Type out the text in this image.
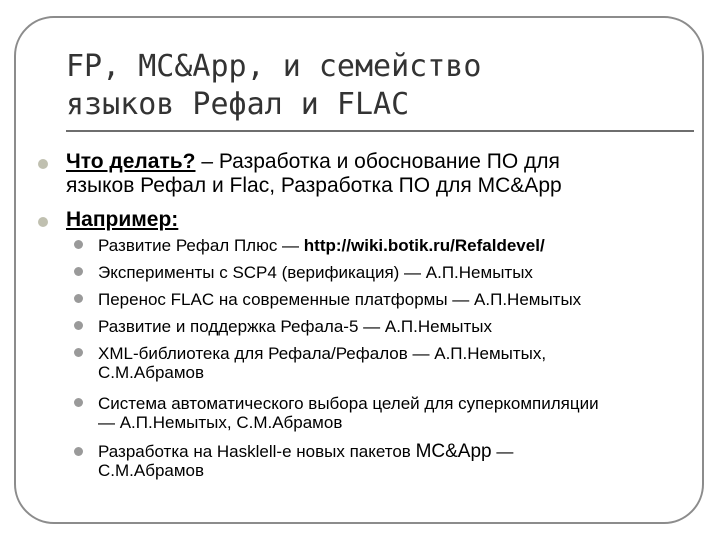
FP, MC&App, и семейство
языков Рефал и FLAC
Что делать? – Разработка и обоснование ПО для
языков Рефал и Flac, Разработка ПО для MC&App
Например:
Развитие Рефал Плюс — http://wiki.botik.ru/Refaldevel/
Эксперименты с SCP4 (верификация) — А.П.Немытых
Перенос FLAC на современные платформы — А.П.Немытых
Развитие и поддержка Рефала-5 — А.П.Немытых
XML-библиотека для Рефала/Рефалов — А.П.Немытых,
С.М.Абрамов
Система автоматического выбора целей для суперкомпиляции
— А.П.Немытых, С.М.Абрамов
Разработка на Hasklell-е новых пакетов MC&App —
С.М.Абрамов
